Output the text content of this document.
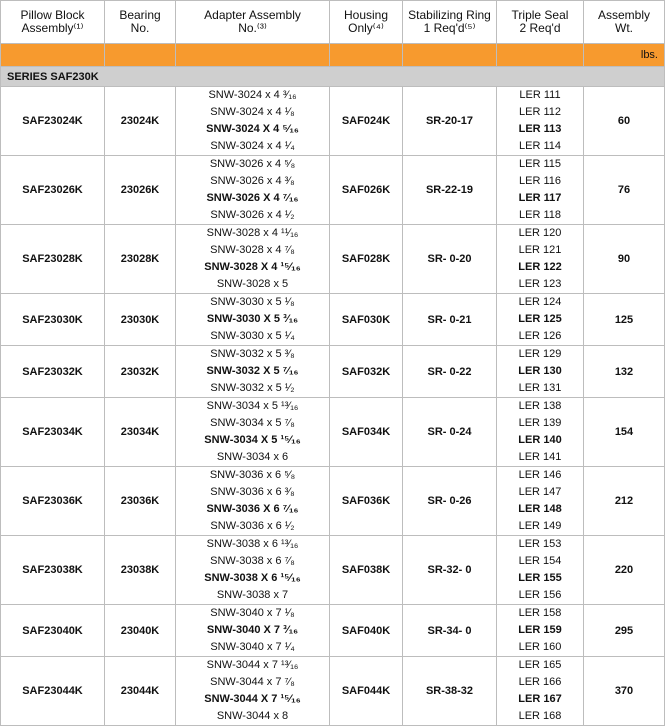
Pillow Block
Assembly⁽¹⁾	Bearing
No.	Adapter Assembly
No.⁽³⁾	Housing
Only⁽⁴⁾	Stabilizing Ring
1 Req'd⁽⁵⁾	Triple Seal
2 Req'd	Assembly
Wt.

						lbs.
SERIES SAF230K						
SAF23024K	23024K	SNW-3024 x 4 ³⁄₁₆
SNW-3024 x 4 ¹⁄₈
SNW-3024 X 4 ⁵⁄₁₆
SNW-3024 x 4 ¹⁄₄	SAF024K	SR-20-17	LER 111
LER 112
LER 113
LER 114	60
SAF23026K	23026K	SNW-3026 x 4 ⁵⁄₈
SNW-3026 x 4 ³⁄₈
SNW-3026 X 4 ⁷⁄₁₆
SNW-3026 x 4 ¹⁄₂	SAF026K	SR-22-19	LER 115
LER 116
LER 117
LER 118	76
SAF23028K	23028K	SNW-3028 x 4 ¹¹⁄₁₆
SNW-3028 x 4 ⁷⁄₈
SNW-3028 X 4 ¹⁵⁄₁₆
SNW-3028 x 5	SAF028K	SR- 0-20	LER 120
LER 121
LER 122
LER 123	90
SAF23030K	23030K	SNW-3030 x 5 ¹⁄₈
SNW-3030 X 5 ³⁄₁₆
SNW-3030 x 5 ¹⁄₄	SAF030K	SR- 0-21	LER 124
LER 125
LER 126	125
SAF23032K	23032K	SNW-3032 x 5 ³⁄₈
SNW-3032 X 5 ⁷⁄₁₆
SNW-3032 x 5 ¹⁄₂	SAF032K	SR- 0-22	LER 129
LER 130
LER 131	132
SAF23034K	23034K	SNW-3034 x 5 ¹³⁄₁₆
SNW-3034 x 5 ⁷⁄₈
SNW-3034 X 5 ¹⁵⁄₁₆
SNW-3034 x 6	SAF034K	SR- 0-24	LER 138
LER 139
LER 140
LER 141	154
SAF23036K	23036K	SNW-3036 x 6 ⁵⁄₈
SNW-3036 x 6 ³⁄₈
SNW-3036 X 6 ⁷⁄₁₆
SNW-3036 x 6 ¹⁄₂	SAF036K	SR- 0-26	LER 146
LER 147
LER 148
LER 149	212
SAF23038K	23038K	SNW-3038 x 6 ¹³⁄₁₆
SNW-3038 x 6 ⁷⁄₈
SNW-3038 X 6 ¹⁵⁄₁₆
SNW-3038 x 7	SAF038K	SR-32- 0	LER 153
LER 154
LER 155
LER 156	220
SAF23040K	23040K	SNW-3040 x 7 ¹⁄₈
SNW-3040 X 7 ³⁄₁₆
SNW-3040 x 7 ¹⁄₄	SAF040K	SR-34- 0	LER 158
LER 159
LER 160	295
SAF23044K	23044K	SNW-3044 x 7 ¹³⁄₁₆
SNW-3044 x 7 ⁷⁄₈
SNW-3044 X 7 ¹⁵⁄₁₆
SNW-3044 x 8	SAF044K	SR-38-32	LER 165
LER 166
LER 167
LER 168	370
